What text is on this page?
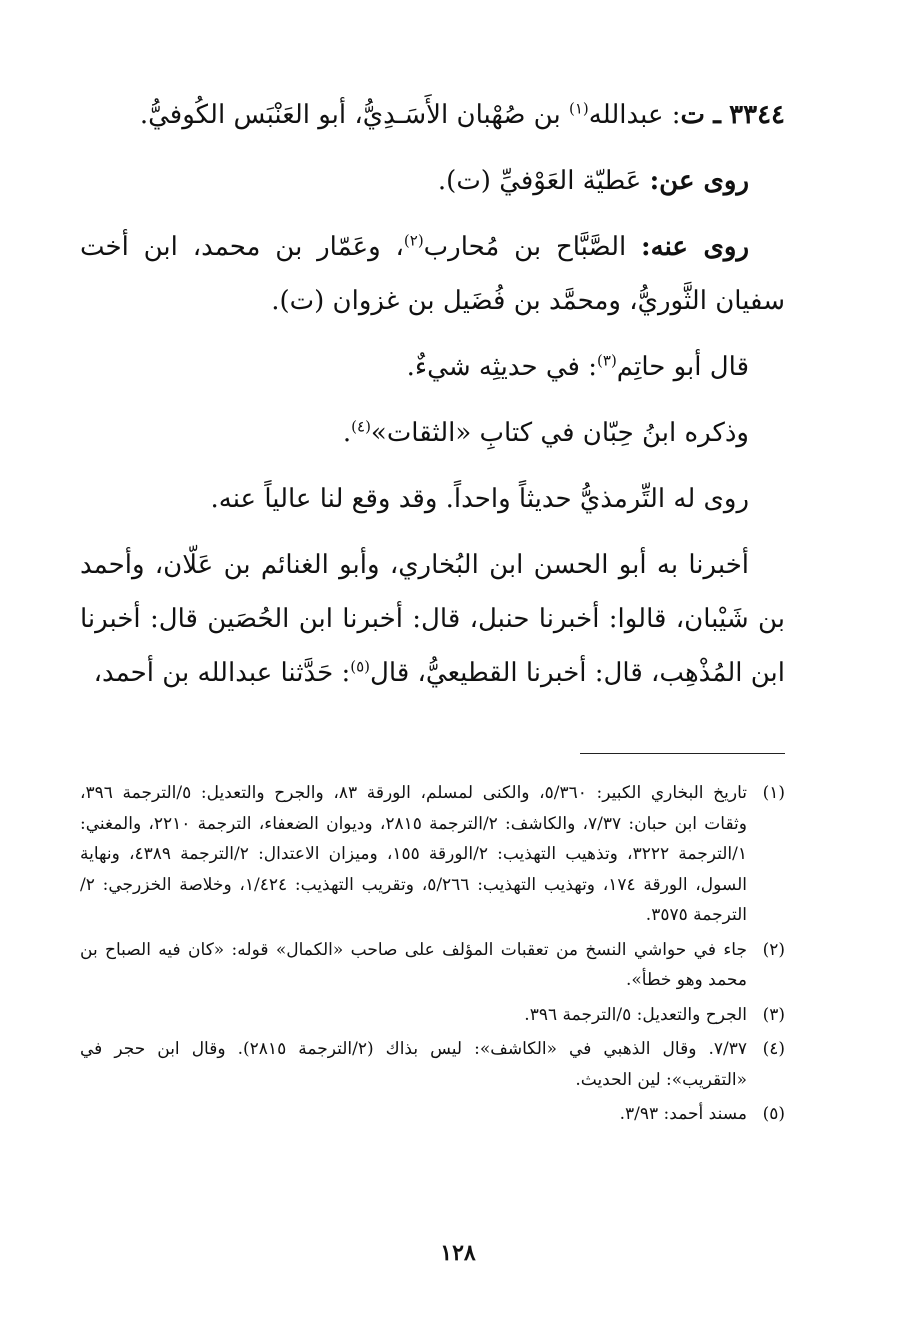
٣٣٤٤ ـ ت: عبدالله$^{(١)}$ بن صُهْبان الأَسَـدِيُّ، أبو العَنْبَس الكُوفيُّ.

روى عن: عَطيّة العَوْفيِّ (ت).

روى عنه: الصَّبَّاح بن مُحارب$^{(٢)}$، وعَمّار بن محمد، ابن أخت سفيان الثَّوريُّ، ومحمَّد بن فُضَيل بن غزوان (ت).

قال أبو حاتِم$^{(٣)}$: في حديثِه شيءٌ.

وذكره ابنُ حِبّان في كتابِ «الثقات»$^{(٤)}$.

روى له التِّرمذيُّ حديثاً واحداً. وقد وقع لنا عالياً عنه.

أخبرنا به أبو الحسن ابن البُخاري، وأبو الغنائم بن عَلّان، وأحمد بن شَيْبان، قالوا: أخبرنا حنبل، قال: أخبرنا ابن الحُصَين قال: أخبرنا ابن المُذْهِب، قال: أخبرنا القطيعيُّ، قال$^{(٥)}$: حَدَّثنا عبدالله بن أحمد،

(١)
تاريخ البخاري الكبير: ٥/٣٦٠، والكنى لمسلم، الورقة ٨٣، والجرح والتعديل: ٥/الترجمة ٣٩٦، وثقات ابن حبان: ٧/٣٧، والكاشف: ٢/الترجمة ٢٨١٥، وديوان الضعفاء، الترجمة ٢٢١٠، والمغني: ١/الترجمة ٣٢٢٢، وتذهيب التهذيب: ٢/الورقة ١٥٥، وميزان الاعتدال: ٢/الترجمة ٤٣٨٩، ونهاية السول، الورقة ١٧٤، وتهذيب التهذيب: ٥/٢٦٦، وتقريب التهذيب: ١/٤٢٤، وخلاصة الخزرجي: ٢/الترجمة ٣٥٧٥.
(٢)
جاء في حواشي النسخ من تعقبات المؤلف على صاحب «الكمال» قوله: «كان فيه الصباح بن محمد وهو خطأ».
(٣)
الجرح والتعديل: ٥/الترجمة ٣٩٦.
(٤)
٧/٣٧. وقال الذهبي في «الكاشف»: ليس بذاك (٢/الترجمة ٢٨١٥). وقال ابن حجر في «التقريب»: لين الحديث.
(٥)
مسند أحمد: ٣/٩٣.
١٢٨
